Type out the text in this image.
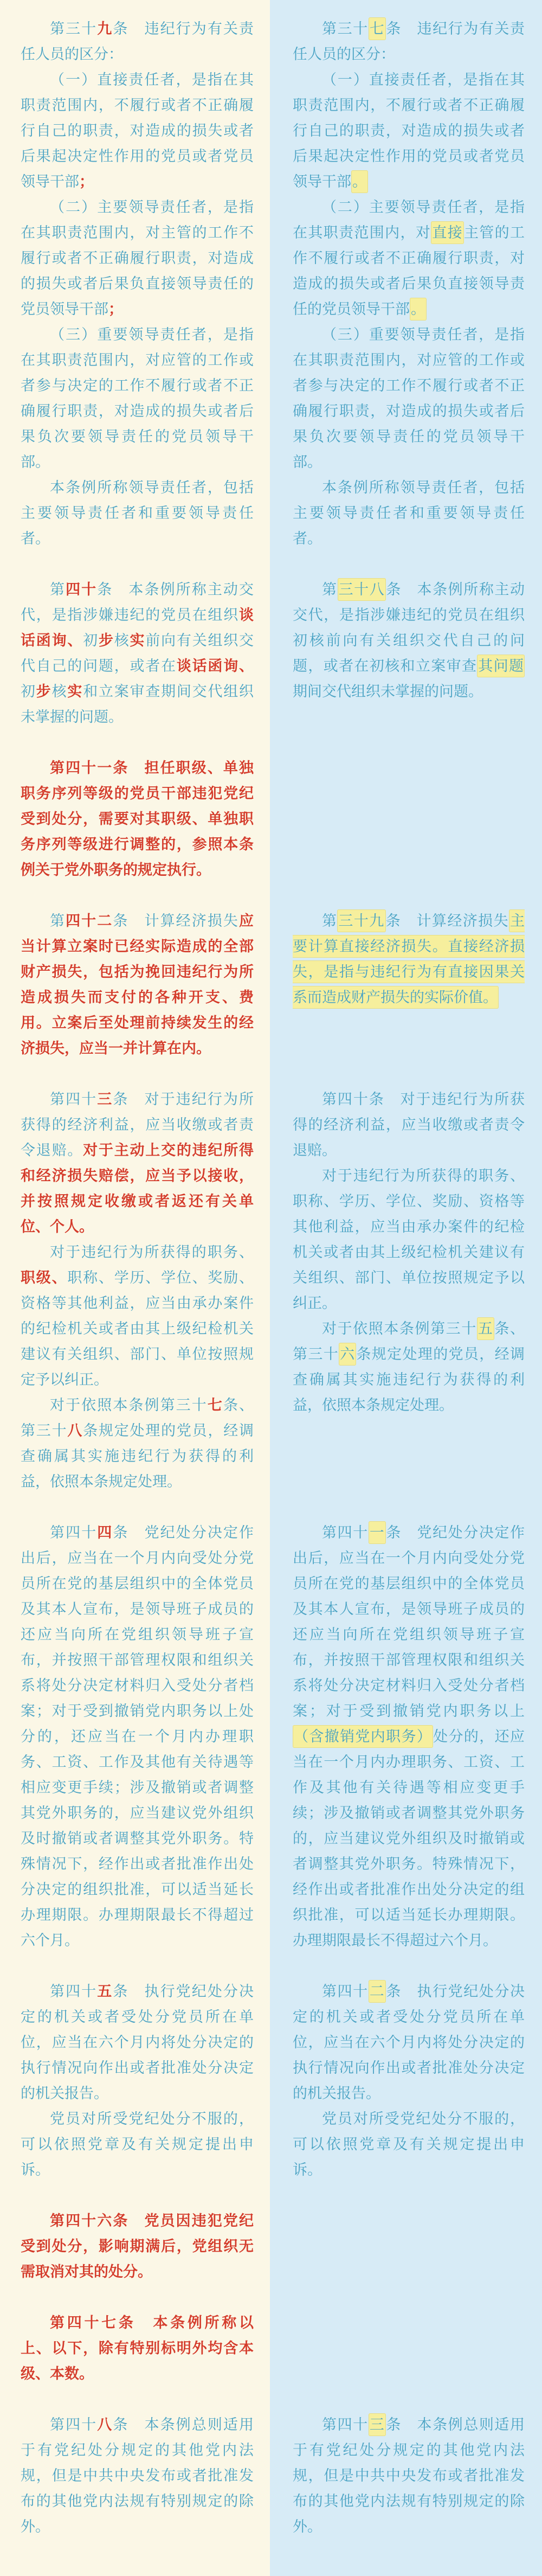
第三十九条　违纪行为有关责任人员的区分：

（一）直接责任者，是指在其职责范围内，不履行或者不正确履行自己的职责，对造成的损失或者后果起决定性作用的党员或者党员领导干部；

（二）主要领导责任者，是指在其职责范围内，对主管的工作不履行或者不正确履行职责，对造成的损失或者后果负直接领导责任的党员领导干部；

（三）重要领导责任者，是指在其职责范围内，对应管的工作或者参与决定的工作不履行或者不正确履行职责，对造成的损失或者后果负次要领导责任的党员领导干部。

本条例所称领导责任者，包括主要领导责任者和重要领导责任者。

第三十七条　违纪行为有关责任人员的区分：

（一）直接责任者，是指在其职责范围内，不履行或者不正确履行自己的职责，对造成的损失或者后果起决定性作用的党员或者党员领导干部。

（二）主要领导责任者，是指在其职责范围内，对直接主管的工作不履行或者不正确履行职责，对造成的损失或者后果负直接领导责任的党员领导干部。

（三）重要领导责任者，是指在其职责范围内，对应管的工作或者参与决定的工作不履行或者不正确履行职责，对造成的损失或者后果负次要领导责任的党员领导干部。

本条例所称领导责任者，包括主要领导责任者和重要领导责任者。

第四十条　本条例所称主动交代，是指涉嫌违纪的党员在组织谈话函询、初步核实前向有关组织交代自己的问题，或者在谈话函询、初步核实和立案审查期间交代组织未掌握的问题。

第三十八条　本条例所称主动交代，是指涉嫌违纪的党员在组织初核前向有关组织交代自己的问题，或者在初核和立案审查其问题期间交代组织未掌握的问题。

第四十一条　担任职级、单独职务序列等级的党员干部违犯党纪受到处分，需要对其职级、单独职务序列等级进行调整的，参照本条例关于党外职务的规定执行。

第四十二条　计算经济损失应当计算立案时已经实际造成的全部财产损失，包括为挽回违纪行为所造成损失而支付的各种开支、费用。立案后至处理前持续发生的经济损失，应当一并计算在内。

第三十九条　计算经济损失主要计算直接经济损失。直接经济损失，是指与违纪行为有直接因果关系而造成财产损失的实际价值。

第四十三条　对于违纪行为所获得的经济利益，应当收缴或者责令退赔。对于主动上交的违纪所得和经济损失赔偿，应当予以接收，并按照规定收缴或者返还有关单位、个人。

对于违纪行为所获得的职务、职级、职称、学历、学位、奖励、资格等其他利益，应当由承办案件的纪检机关或者由其上级纪检机关建议有关组织、部门、单位按照规定予以纠正。

对于依照本条例第三十七条、第三十八条规定处理的党员，经调查确属其实施违纪行为获得的利益，依照本条规定处理。

第四十条　对于违纪行为所获得的经济利益，应当收缴或者责令退赔。

对于违纪行为所获得的职务、职称、学历、学位、奖励、资格等其他利益，应当由承办案件的纪检机关或者由其上级纪检机关建议有关组织、部门、单位按照规定予以纠正。

对于依照本条例第三十五条、第三十六条规定处理的党员，经调查确属其实施违纪行为获得的利益，依照本条规定处理。

第四十四条　党纪处分决定作出后，应当在一个月内向受处分党员所在党的基层组织中的全体党员及其本人宣布，是领导班子成员的还应当向所在党组织领导班子宣布，并按照干部管理权限和组织关系将处分决定材料归入受处分者档案；对于受到撤销党内职务以上处分的，还应当在一个月内办理职务、工资、工作及其他有关待遇等相应变更手续；涉及撤销或者调整其党外职务的，应当建议党外组织及时撤销或者调整其党外职务。特殊情况下，经作出或者批准作出处分决定的组织批准，可以适当延长办理期限。办理期限最长不得超过六个月。

第四十一条　党纪处分决定作出后，应当在一个月内向受处分党员所在党的基层组织中的全体党员及其本人宣布，是领导班子成员的还应当向所在党组织领导班子宣布，并按照干部管理权限和组织关系将处分决定材料归入受处分者档案；对于受到撤销党内职务以上（含撤销党内职务）处分的，还应当在一个月内办理职务、工资、工作及其他有关待遇等相应变更手续；涉及撤销或者调整其党外职务的，应当建议党外组织及时撤销或者调整其党外职务。特殊情况下，经作出或者批准作出处分决定的组织批准，可以适当延长办理期限。办理期限最长不得超过六个月。

第四十五条　执行党纪处分决定的机关或者受处分党员所在单位，应当在六个月内将处分决定的执行情况向作出或者批准处分决定的机关报告。

党员对所受党纪处分不服的，可以依照党章及有关规定提出申诉。

第四十二条　执行党纪处分决定的机关或者受处分党员所在单位，应当在六个月内将处分决定的执行情况向作出或者批准处分决定的机关报告。

党员对所受党纪处分不服的，可以依照党章及有关规定提出申诉。

第四十六条　党员因违犯党纪受到处分，影响期满后，党组织无需取消对其的处分。

第四十七条　本条例所称以上、以下，除有特别标明外均含本级、本数。

第四十八条　本条例总则适用于有党纪处分规定的其他党内法规，但是中共中央发布或者批准发布的其他党内法规有特别规定的除外。

第四十三条　本条例总则适用于有党纪处分规定的其他党内法规，但是中共中央发布或者批准发布的其他党内法规有特别规定的除外。
